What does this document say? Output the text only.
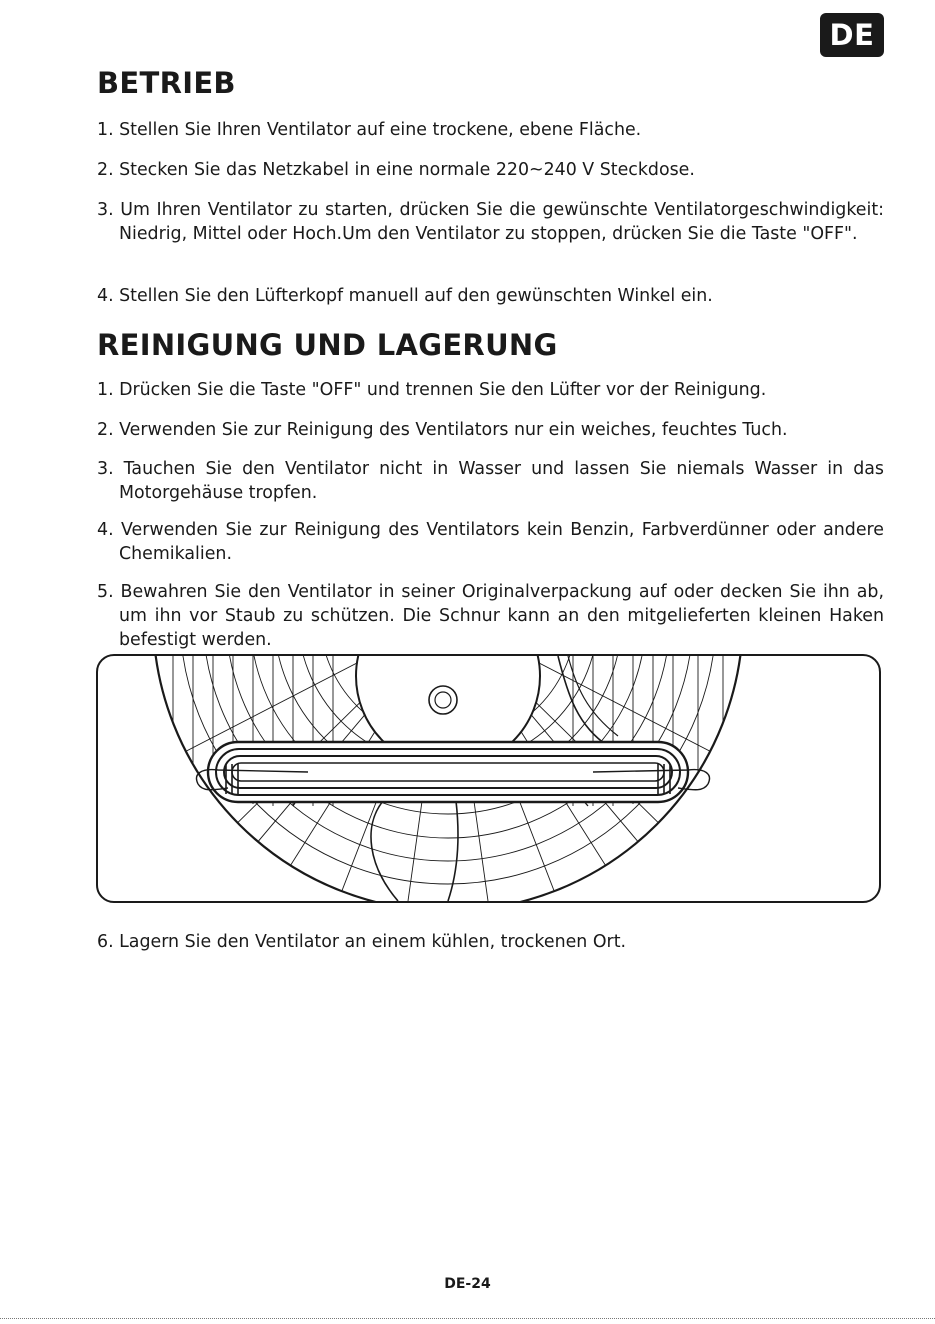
DE
BETRIEB

1. Stellen Sie Ihren Ventilator auf eine trockene, ebene Fläche.

2. Stecken Sie das Netzkabel in eine normale 220~240 V Steckdose.

3. Um Ihren Ventilator zu starten, drücken Sie die gewünschte Ventilatorgeschwindigkeit: Niedrig, Mittel oder Hoch.Um den Ventilator zu stoppen, drücken Sie die Taste "OFF".

4. Stellen Sie den Lüfterkopf manuell auf den gewünschten Winkel ein.

REINIGUNG UND LAGERUNG

1. Drücken Sie die Taste "OFF" und trennen Sie den Lüfter vor der Reinigung.

2. Verwenden Sie zur Reinigung des Ventilators nur ein weiches, feuchtes Tuch.

3. Tauchen Sie den Ventilator nicht in Wasser und lassen Sie niemals Wasser in das Motorgehäuse tropfen.

4. Verwenden Sie zur Reinigung des Ventilators kein Benzin, Farbverdünner oder andere Chemikalien.

5. Bewahren Sie den Ventilator in seiner Originalverpackung auf oder decken Sie ihn ab, um ihn vor Staub zu schützen. Die Schnur kann an den mitgelieferten kleinen Haken befestigt werden.

6. Lagern Sie den Ventilator an einem kühlen, trockenen Ort.

DE-24
